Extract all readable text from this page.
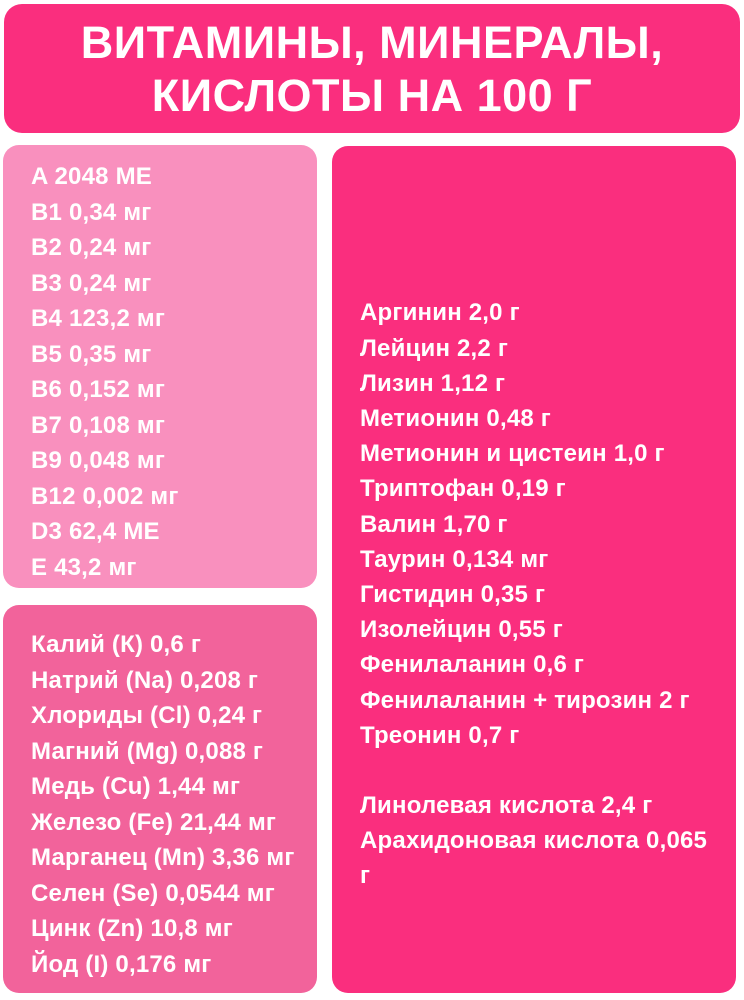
ВИТАМИНЫ, МИНЕРАЛЫ,
КИСЛОТЫ НА 100 Г
A 2048 МЕ
B1 0,34 мг
B2 0,24 мг
B3 0,24 мг
B4 123,2 мг
B5 0,35 мг
B6 0,152 мг
B7 0,108 мг
B9 0,048 мг
B12 0,002 мг
D3 62,4 МЕ
E 43,2 мг
Калий (К) 0,6 г
Натрий (Na) 0,208 г
Хлориды (Cl) 0,24 г
Магний (Mg) 0,088 г
Медь (Cu) 1,44 мг
Железо (Fe) 21,44 мг
Марганец (Mn) 3,36 мг
Селен (Se) 0,0544 мг
Цинк (Zn) 10,8 мг
Йод (I) 0,176 мг
Аргинин 2,0 г
Лейцин 2,2 г
Лизин 1,12 г
Метионин 0,48 г
Метионин и цистеин 1,0 г
Триптофан 0,19 г
Валин 1,70 г
Таурин 0,134 мг
Гистидин 0,35 г
Изолейцин 0,55 г
Фенилаланин 0,6 г
Фенилаланин + тирозин 2 г
Треонин 0,7 г
Линолевая кислота 2,4 г
Арахидоновая кислота 0,065 г
